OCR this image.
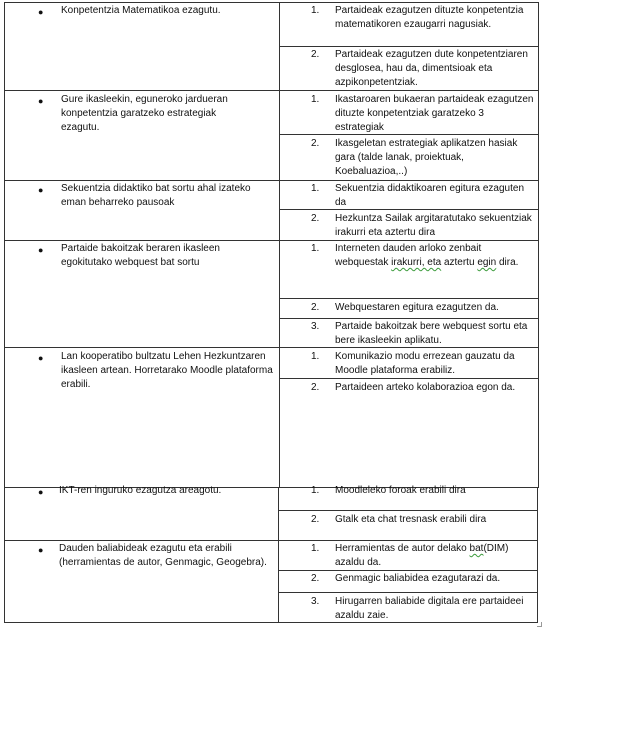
● Konpetentzia Matematikoa ezagutu.	1. Partaideak ezagutzen dituzte konpetentzia matematikoren ezaugarri nagusiak.
2. Partaideak ezagutzen dute konpetentziaren desglosea, hau da, dimentsioak eta azpikonpetentziak.
● Gure ikasleekin, eguneroko jardueran konpetentzia garatzeko estrategiak ezagutu.
1. Ikastaroaren bukaeran partaideak ezagutzen dituzte konpetentziak garatzeko 3 estrategiak
2. Ikasgeletan estrategiak aplikatzen hasiak gara (talde lanak, proiektuak, Koebaluazioa,..)
● Sekuentzia didaktiko bat sortu ahal izateko eman beharreko pausoak
1. Sekuentzia didaktikoaren egitura ezaguten da
2. Hezkuntza Sailak argitaratutako sekuentziak irakurri eta aztertu dira
● Partaide bakoitzak beraren ikasleen egokitutako webquest bat sortu
1. Interneten dauden arloko zenbait webquestak irakurri, eta aztertu egin dira.
2. Webquestaren egitura ezagutzen da.
3. Partaide bakoitzak bere webquest sortu eta bere ikasleekin aplikatu.
● Lan kooperatibo bultzatu Lehen Hezkuntzaren ikasleen artean. Horretarako Moodle plataforma erabili.
1. Komunikazio modu errezean gauzatu da Moodle plataforma erabiliz.
2. Partaideen arteko kolaborazioa egon da.
● IKT-ren inguruko ezagutza areagotu.	1. Moodleleko foroak erabili dira
2. Gtalk eta chat tresnask erabili dira
● Dauden baliabideak ezagutu eta erabili (herramientas de autor, Genmagic, Geogebra).
1. Herramientas de autor delako bat(DIM) azaldu da.
2. Genmagic baliabidea ezagutarazi da.
3. Hirugarren baliabide digitala ere partaideei azaldu zaie.
